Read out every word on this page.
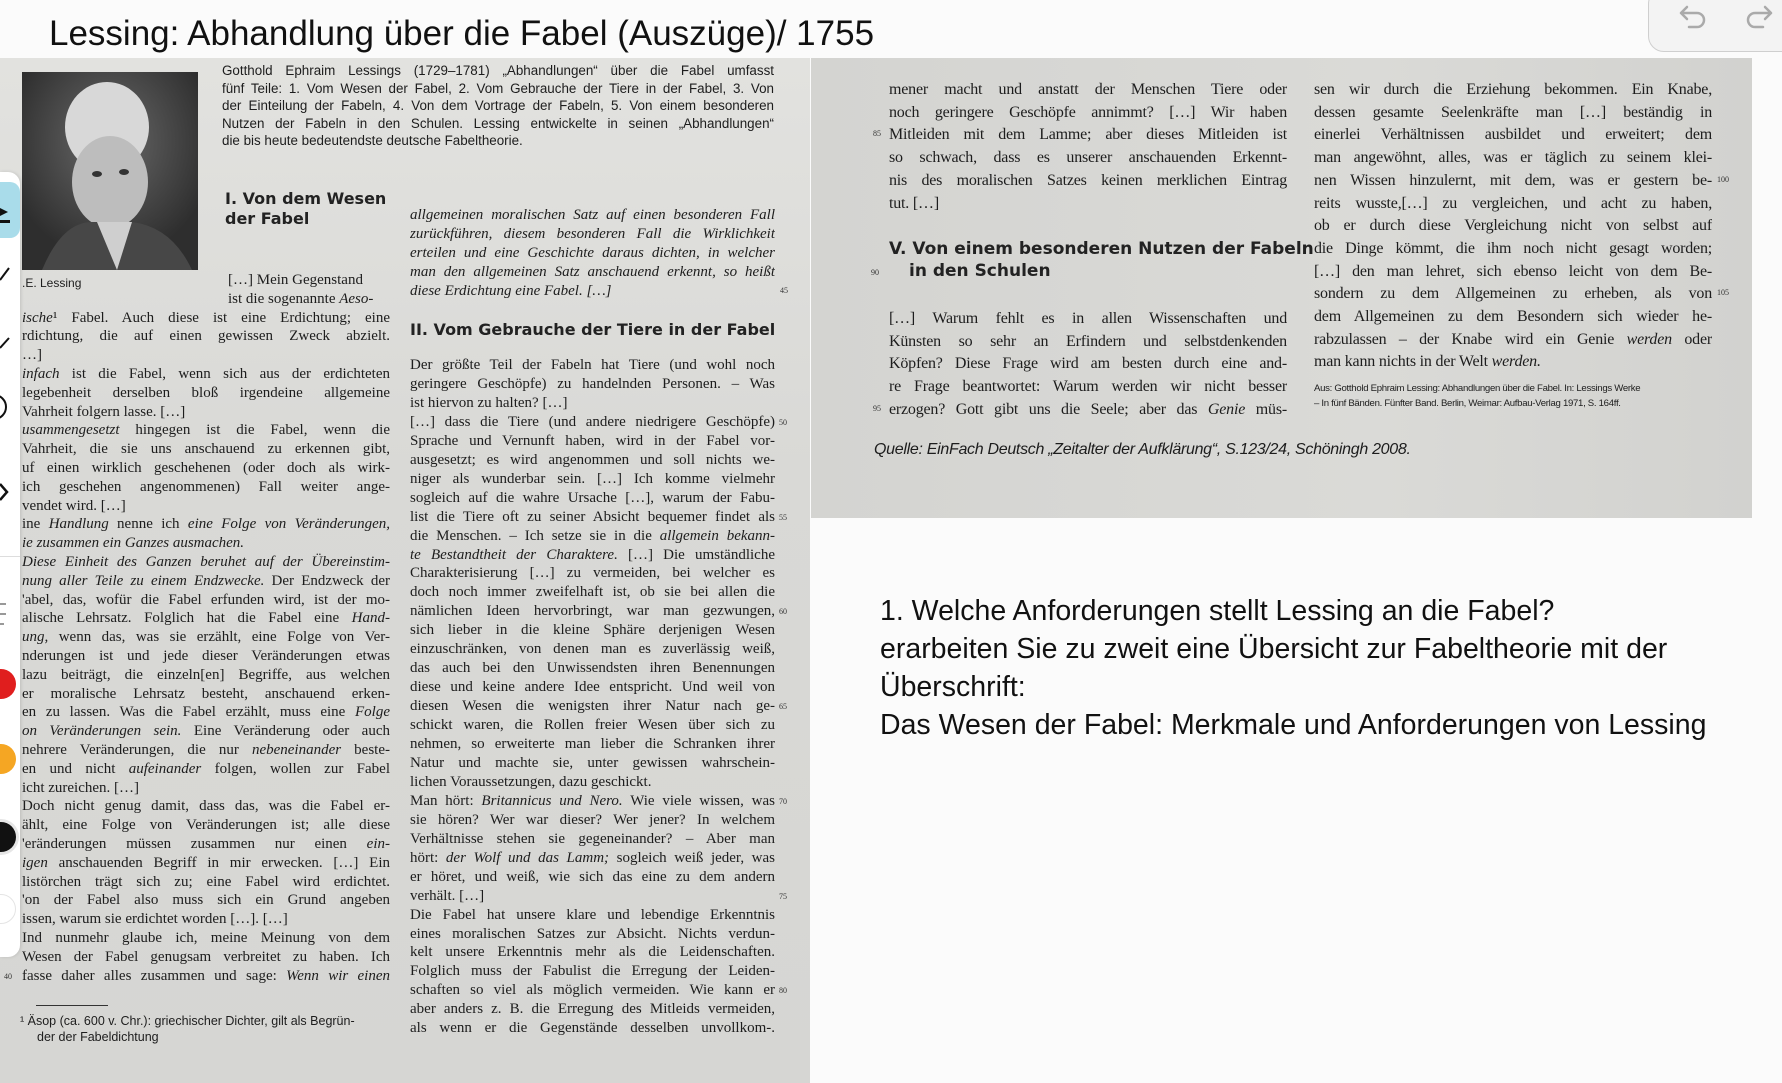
Lessing: Abhandlung über die Fabel (Auszüge)/ 1755
.E. Lessing
Gotthold Ephraim Lessings (1729–1781) „Abhandlungen“ über die Fabel umfasst
fünf Teile: 1. Vom Wesen der Fabel, 2. Vom Gebrauche der Tiere in der Fabel, 3. Von
der Einteilung der Fabeln, 4. Von dem Vortrage der Fabeln, 5. Von einem besonderen
Nutzen der Fabeln in den Schulen. Lessing entwickelte in seinen „Abhandlungen“
die bis heute bedeutendste deutsche Fabeltheorie.
I. Von dem Wesen
der Fabel
II. Vom Gebrauche der Tiere in der Fabel
[…] Mein Gegenstand
ist die sogenannte Aeso-
ische¹ Fabel. Auch diese ist eine Erdichtung; eine
rdichtung, die auf einen gewissen Zweck abzielt.
…]
infach ist die Fabel, wenn sich aus der erdichteten
legebenheit derselben bloß irgendeine allgemeine
Vahrheit folgern lasse. […]
usammengesetzt hingegen ist die Fabel, wenn die
Vahrheit, die sie uns anschauend zu erkennen gibt,
uf einen wirklich geschehenen (oder doch als wirk-
ich geschehen angenommenen) Fall weiter ange-
vendet wird. […]
ine Handlung nenne ich eine Folge von Veränderungen,
ie zusammen ein Ganzes ausmachen.
Diese Einheit des Ganzen beruhet auf der Übereinstim-
nung aller Teile zu einem Endzwecke. Der Endzweck der
'abel, das, wofür die Fabel erfunden wird, ist der mo-
alische Lehrsatz. Folglich hat die Fabel eine Hand-
ung, wenn das, was sie erzählt, eine Folge von Ver-
nderungen ist und jede dieser Veränderungen etwas
lazu beiträgt, die einzeln[en] Begriffe, aus welchen
er moralische Lehrsatz besteht, anschauend erken-
en zu lassen. Was die Fabel erzählt, muss eine Folge
on Veränderungen sein. Eine Veränderung oder auch
nehrere Veränderungen, die nur nebeneinander beste-
en und nicht aufeinander folgen, wollen zur Fabel
icht zureichen. […]
Doch nicht genug damit, dass das, was die Fabel er-
ählt, eine Folge von Veränderungen ist; alle diese
'eränderungen müssen zusammen nur einen ein-
igen anschauenden Begriff in mir erwecken. […] Ein
listörchen trägt sich zu; eine Fabel wird erdichtet.
'on der Fabel also muss sich ein Grund angeben
issen, warum sie erdichtet worden […]. […]
Ind nunmehr glaube ich, meine Meinung von dem
Wesen der Fabel genugsam verbreitet zu haben. Ich
fasse daher alles zusammen und sage: Wenn wir einen
40
allgemeinen moralischen Satz auf einen besonderen Fall
zurückführen, diesem besonderen Fall die Wirklichkeit
erteilen und eine Geschichte daraus dichten, in welcher
man den allgemeinen Satz anschauend erkennt, so heißt
diese Erdichtung eine Fabel. […]	45
Der größte Teil der Fabeln hat Tiere (und wohl noch
geringere Geschöpfe) zu handelnden Personen. – Was
ist hiervon zu halten? […]
[…] dass die Tiere (und andere niedrigere Geschöpfe)
Sprache und Vernunft haben, wird in der Fabel vor-
ausgesetzt; es wird angenommen und soll nichts we-
niger als wunderbar sein. […] Ich komme vielmehr
sogleich auf die wahre Ursache […], warum der Fabu-
list die Tiere oft zu seiner Absicht bequemer findet als
die Menschen. – Ich setze sie in die allgemein bekann-
te Bestandtheit der Charaktere. […] Die umständliche
Charakterisierung […] zu vermeiden, bei welcher es
doch noch immer zweifelhaft ist, ob sie bei allen die
nämlichen Ideen hervorbringt, war man gezwungen,
sich lieber in die kleine Sphäre derjenigen Wesen
einzuschränken, von denen man es zuverlässig weiß,
das auch bei den Unwissendsten ihren Benennungen
diese und keine andere Idee entspricht. Und weil von
diesen Wesen die wenigsten ihrer Natur nach ge-
schickt waren, die Rollen freier Wesen über sich zu
nehmen, so erweiterte man lieber die Schranken ihrer
Natur und machte sie, unter gewissen wahrschein-
lichen Voraussetzungen, dazu geschickt.
Man hört: Britannicus und Nero. Wie viele wissen, was
sie hören? Wer war dieser? Wer jener? In welchem
Verhältnisse stehen sie gegeneinander? – Aber man
hört: der Wolf und das Lamm; sogleich weiß jeder, was
er höret, und weiß, wie sich das eine zu dem andern
verhält. […]
Die Fabel hat unsere klare und lebendige Erkenntnis
eines moralischen Satzes zur Absicht. Nichts verdun-
kelt unsere Erkenntnis mehr als die Leidenschaften.
Folglich muss der Fabulist die Erregung der Leiden-
schaften so viel als möglich vermeiden. Wie kann er
aber anders z. B. die Erregung des Mitleids vermeiden,
als wenn er die Gegenstände desselben unvollkom-.
50
55
60
65
70
75
80
¹ Äsop (ca. 600 v. Chr.): griechischer Dichter, gilt als Begrün-
der der Fabeldichtung
mener macht und anstatt der Menschen Tiere oder
noch geringere Geschöpfe annimmt? […] Wir haben
Mitleiden mit dem Lamme; aber dieses Mitleiden ist
so schwach, dass es unserer anschauenden Erkennt-
nis des moralischen Satzes keinen merklichen Eintrag
tut. […]
85
[…] Warum fehlt es in allen Wissenschaften und
Künsten so sehr an Erfindern und selbstdenkenden
Köpfen? Diese Frage wird am besten durch eine and-
re Frage beantwortet: Warum werden wir nicht besser
erzogen? Gott gibt uns die Seele; aber das Genie müs-
95
V. Von einem besonderen Nutzen der Fabeln
in den Schulen
90
sen wir durch die Erziehung bekommen. Ein Knabe,
dessen gesamte Seelenkräfte man […] beständig in
einerlei Verhältnissen ausbildet und erweitert; dem
man angewöhnt, alles, was er täglich zu seinem klei-
nen Wissen hinzulernt, mit dem, was er gestern be-
reits wusste,[…] zu vergleichen, und acht zu haben,
ob er durch diese Vergleichung nicht von selbst auf
die Dinge kömmt, die ihm noch nicht gesagt worden;
[…] den man lehret, sich ebenso leicht von dem Be-
sondern zu dem Allgemeinen zu erheben, als von
dem Allgemeinen zu dem Besondern sich wieder he-
rabzulassen – der Knabe wird ein Genie werden oder
man kann nichts in der Welt werden.
100
105
Aus: Gotthold Ephraim Lessing: Abhandlungen über die Fabel. In: Lessings Werke
– In fünf Bänden. Fünfter Band. Berlin, Weimar: Aufbau-Verlag 1971, S. 164ff.
Quelle: EinFach Deutsch „Zeitalter der Aufklärung“, S.123/24, Schöningh 2008.
1. Welche Anforderungen stellt Lessing an die Fabel?
erarbeiten Sie zu zweit eine Übersicht zur Fabeltheorie mit der
Überschrift:
Das Wesen der Fabel: Merkmale und Anforderungen von Lessing
